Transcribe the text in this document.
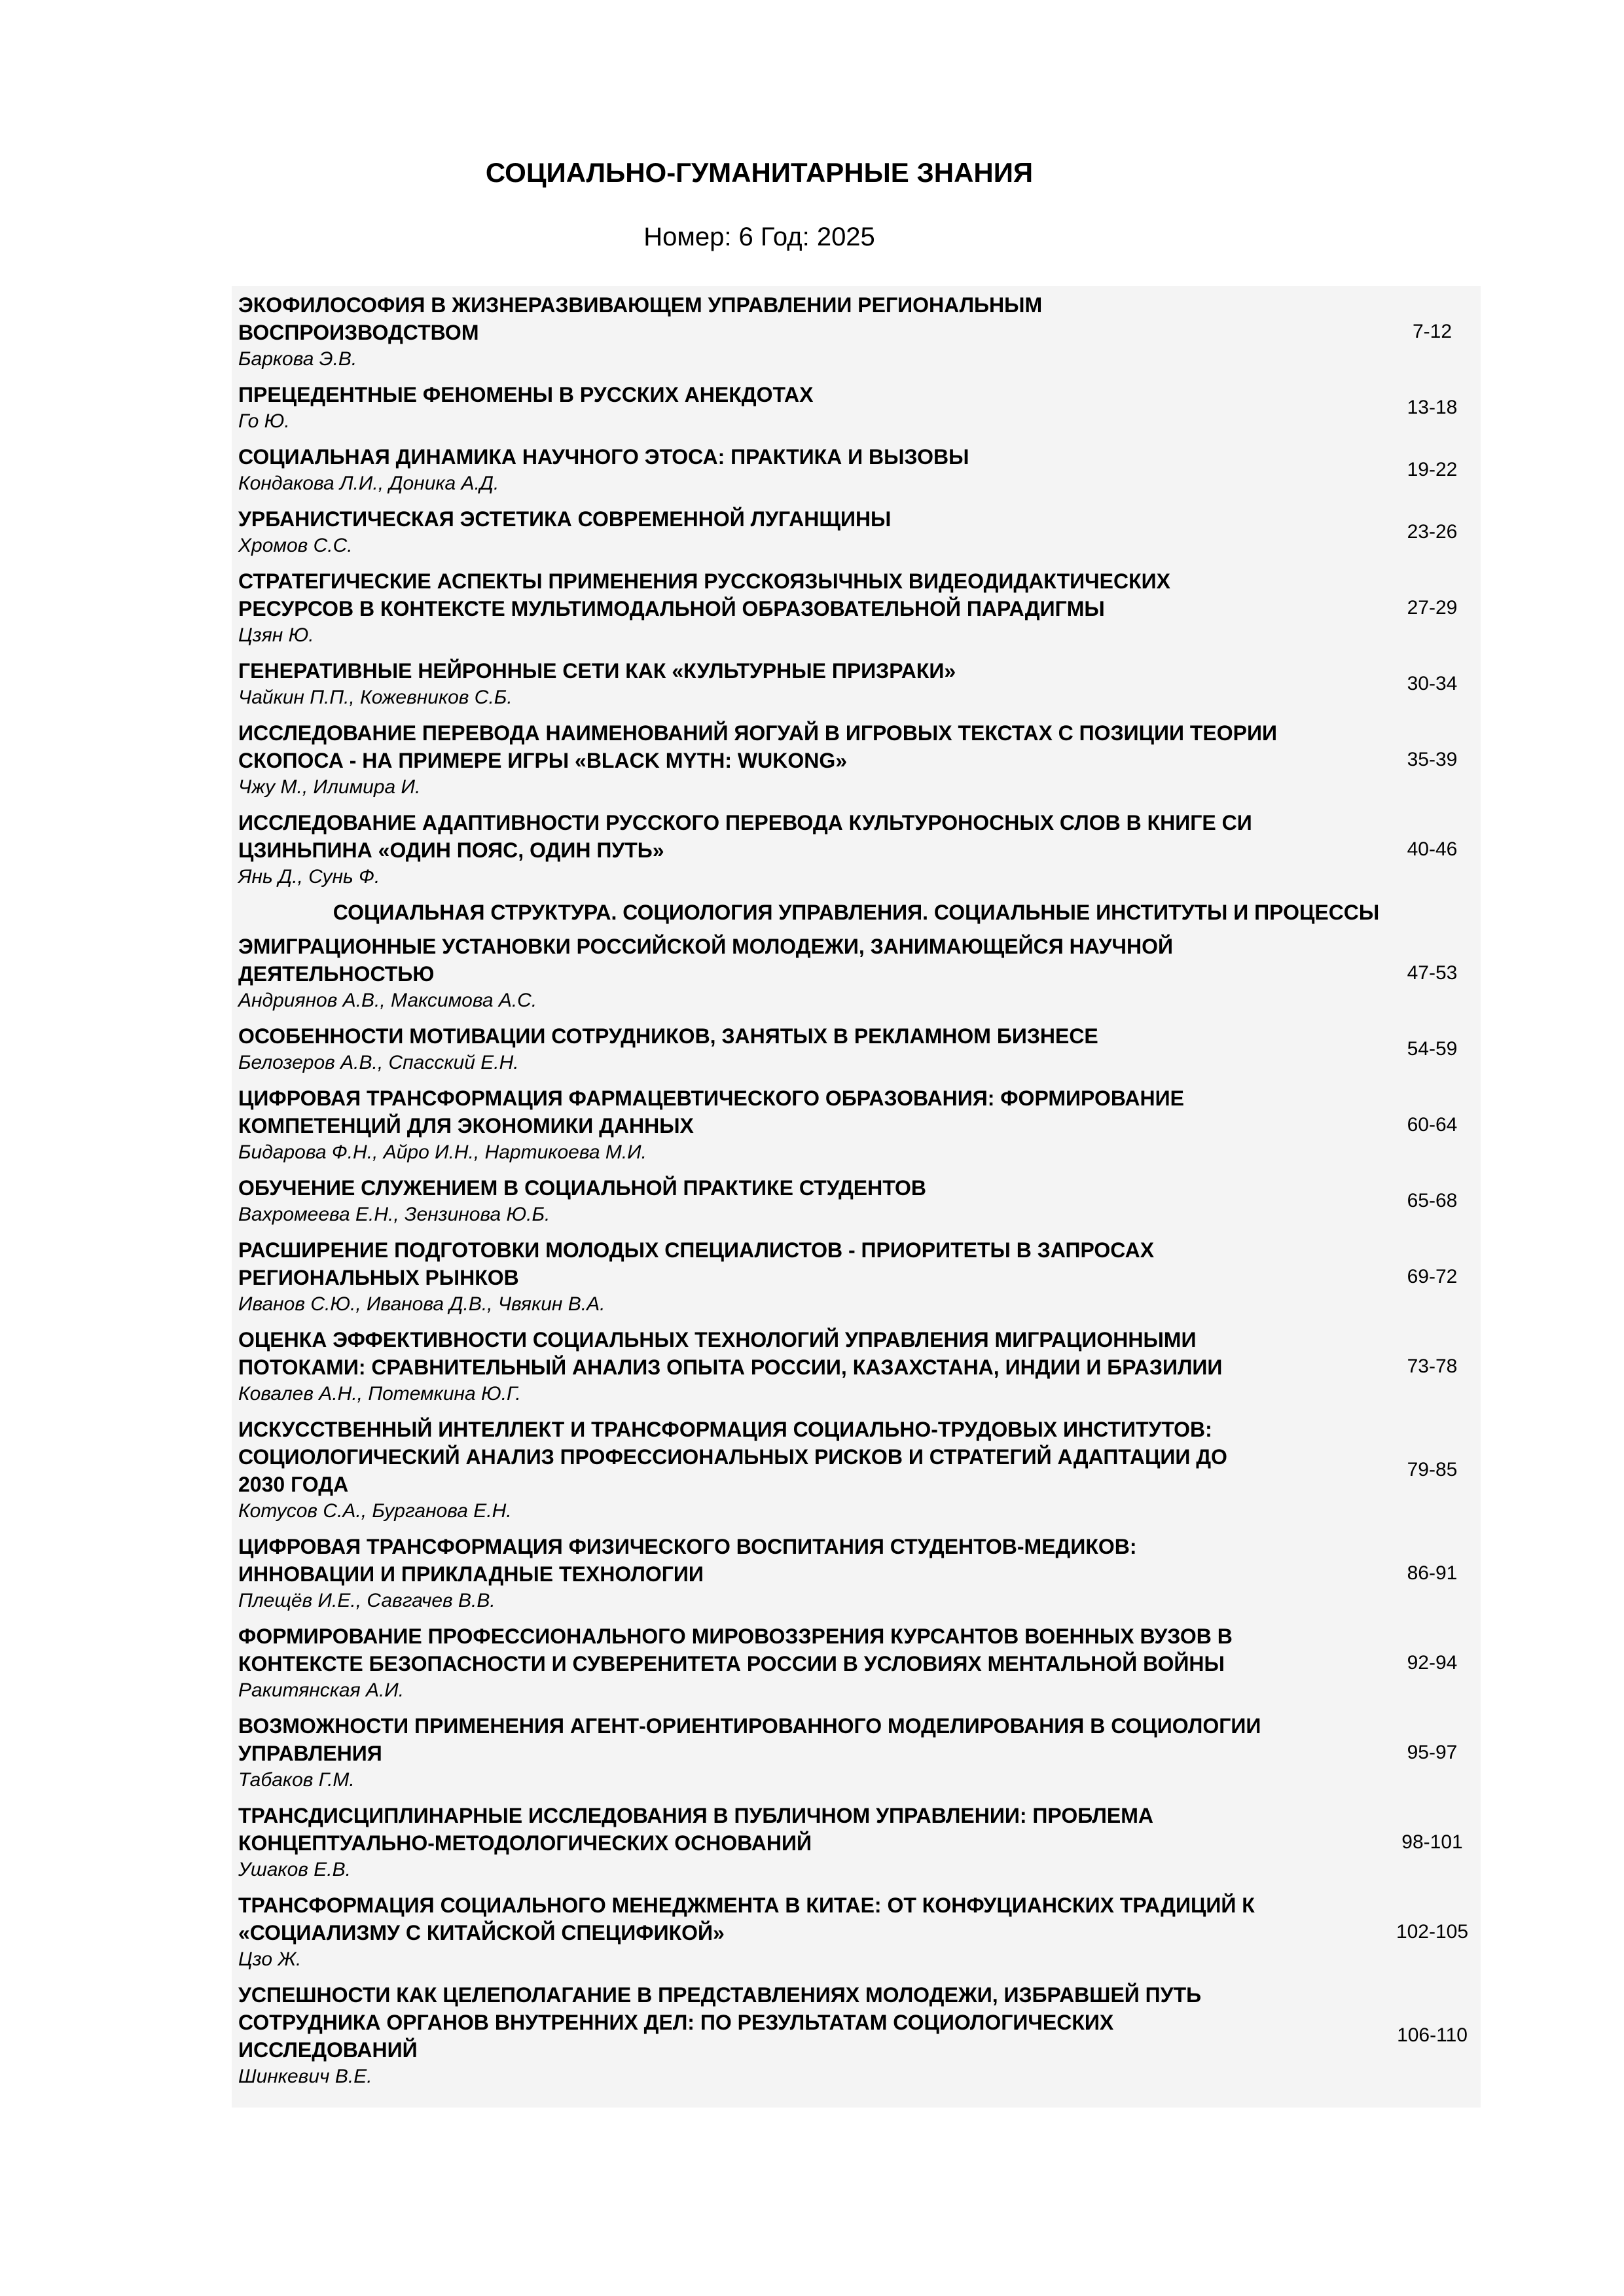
СОЦИАЛЬНО-ГУМАНИТАРНЫЕ ЗНАНИЯ
Номер: 6 Год: 2025
ЭКОФИЛОСОФИЯ В ЖИЗНЕРАЗВИВАЮЩЕМ УПРАВЛЕНИИ РЕГИОНАЛЬНЫМ
ВОСПРОИЗВОДСТВОМ
Баркова Э.В.
7-12
ПРЕЦЕДЕНТНЫЕ ФЕНОМЕНЫ В РУССКИХ АНЕКДОТАХ
Го Ю.
13-18
СОЦИАЛЬНАЯ ДИНАМИКА НАУЧНОГО ЭТОСА: ПРАКТИКА И ВЫЗОВЫ
Кондакова Л.И., Доника А.Д.
19-22
УРБАНИСТИЧЕСКАЯ ЭСТЕТИКА СОВРЕМЕННОЙ ЛУГАНЩИНЫ
Хромов С.С.
23-26
СТРАТЕГИЧЕСКИЕ АСПЕКТЫ ПРИМЕНЕНИЯ РУССКОЯЗЫЧНЫХ ВИДЕОДИДАКТИЧЕСКИХ
РЕСУРСОВ В КОНТЕКСТЕ МУЛЬТИМОДАЛЬНОЙ ОБРАЗОВАТЕЛЬНОЙ ПАРАДИГМЫ
Цзян Ю.
27-29
ГЕНЕРАТИВНЫЕ НЕЙРОННЫЕ СЕТИ КАК «КУЛЬТУРНЫЕ ПРИЗРАКИ»
Чайкин П.П., Кожевников С.Б.
30-34
ИССЛЕДОВАНИЕ ПЕРЕВОДА НАИМЕНОВАНИЙ ЯОГУАЙ В ИГРОВЫХ ТЕКСТАХ С ПОЗИЦИИ ТЕОРИИ
СКОПОСА - НА ПРИМЕРЕ ИГРЫ «BLACK MYTH: WUKONG»
Чжу М., Илимира И.
35-39
ИССЛЕДОВАНИЕ АДАПТИВНОСТИ РУССКОГО ПЕРЕВОДА КУЛЬТУРОНОСНЫХ СЛОВ В КНИГЕ СИ
ЦЗИНЬПИНА «ОДИН ПОЯС, ОДИН ПУТЬ»
Янь Д., Сунь Ф.
40-46
СОЦИАЛЬНАЯ СТРУКТУРА. СОЦИОЛОГИЯ УПРАВЛЕНИЯ. СОЦИАЛЬНЫЕ ИНСТИТУТЫ И ПРОЦЕССЫ
ЭМИГРАЦИОННЫЕ УСТАНОВКИ РОССИЙСКОЙ МОЛОДЕЖИ, ЗАНИМАЮЩЕЙСЯ НАУЧНОЙ
ДЕЯТЕЛЬНОСТЬЮ
Андриянов А.В., Максимова А.С.
47-53
ОСОБЕННОСТИ МОТИВАЦИИ СОТРУДНИКОВ, ЗАНЯТЫХ В РЕКЛАМНОМ БИЗНЕСЕ
Белозеров А.В., Спасский Е.Н.
54-59
ЦИФРОВАЯ ТРАНСФОРМАЦИЯ ФАРМАЦЕВТИЧЕСКОГО ОБРАЗОВАНИЯ: ФОРМИРОВАНИЕ
КОМПЕТЕНЦИЙ ДЛЯ ЭКОНОМИКИ ДАННЫХ
Бидарова Ф.Н., Айро И.Н., Нартикоева М.И.
60-64
ОБУЧЕНИЕ СЛУЖЕНИЕМ В СОЦИАЛЬНОЙ ПРАКТИКЕ СТУДЕНТОВ
Вахромеева Е.Н., Зензинова Ю.Б.
65-68
РАСШИРЕНИЕ ПОДГОТОВКИ МОЛОДЫХ СПЕЦИАЛИСТОВ - ПРИОРИТЕТЫ В ЗАПРОСАХ
РЕГИОНАЛЬНЫХ РЫНКОВ
Иванов С.Ю., Иванова Д.В., Чвякин В.А.
69-72
ОЦЕНКА ЭФФЕКТИВНОСТИ СОЦИАЛЬНЫХ ТЕХНОЛОГИЙ УПРАВЛЕНИЯ МИГРАЦИОННЫМИ
ПОТОКАМИ: СРАВНИТЕЛЬНЫЙ АНАЛИЗ ОПЫТА РОССИИ, КАЗАХСТАНА, ИНДИИ И БРАЗИЛИИ
Ковалев А.Н., Потемкина Ю.Г.
73-78
ИСКУССТВЕННЫЙ ИНТЕЛЛЕКТ И ТРАНСФОРМАЦИЯ СОЦИАЛЬНО-ТРУДОВЫХ ИНСТИТУТОВ:
СОЦИОЛОГИЧЕСКИЙ АНАЛИЗ ПРОФЕССИОНАЛЬНЫХ РИСКОВ И СТРАТЕГИЙ АДАПТАЦИИ ДО
2030 ГОДА
Котусов С.А., Бурганова Е.Н.
79-85
ЦИФРОВАЯ ТРАНСФОРМАЦИЯ ФИЗИЧЕСКОГО ВОСПИТАНИЯ СТУДЕНТОВ-МЕДИКОВ:
ИННОВАЦИИ И ПРИКЛАДНЫЕ ТЕХНОЛОГИИ
Плещёв И.Е., Савгачев В.В.
86-91
ФОРМИРОВАНИЕ ПРОФЕССИОНАЛЬНОГО МИРОВОЗЗРЕНИЯ КУРСАНТОВ ВОЕННЫХ ВУЗОВ В
КОНТЕКСТЕ БЕЗОПАСНОСТИ И СУВЕРЕНИТЕТА РОССИИ В УСЛОВИЯХ МЕНТАЛЬНОЙ ВОЙНЫ
Ракитянская А.И.
92-94
ВОЗМОЖНОСТИ ПРИМЕНЕНИЯ АГЕНТ-ОРИЕНТИРОВАННОГО МОДЕЛИРОВАНИЯ В СОЦИОЛОГИИ
УПРАВЛЕНИЯ
Табаков Г.М.
95-97
ТРАНСДИСЦИПЛИНАРНЫЕ ИССЛЕДОВАНИЯ В ПУБЛИЧНОМ УПРАВЛЕНИИ: ПРОБЛЕМА
КОНЦЕПТУАЛЬНО-МЕТОДОЛОГИЧЕСКИХ ОСНОВАНИЙ
Ушаков Е.В.
98-101
ТРАНСФОРМАЦИЯ СОЦИАЛЬНОГО МЕНЕДЖМЕНТА В КИТАЕ: ОТ КОНФУЦИАНСКИХ ТРАДИЦИЙ К
«СОЦИАЛИЗМУ С КИТАЙСКОЙ СПЕЦИФИКОЙ»
Цзо Ж.
102-105
УСПЕШНОСТИ КАК ЦЕЛЕПОЛАГАНИЕ В ПРЕДСТАВЛЕНИЯХ МОЛОДЕЖИ, ИЗБРАВШЕЙ ПУТЬ
СОТРУДНИКА ОРГАНОВ ВНУТРЕННИХ ДЕЛ: ПО РЕЗУЛЬТАТАМ СОЦИОЛОГИЧЕСКИХ
ИССЛЕДОВАНИЙ
Шинкевич В.Е.
106-110
